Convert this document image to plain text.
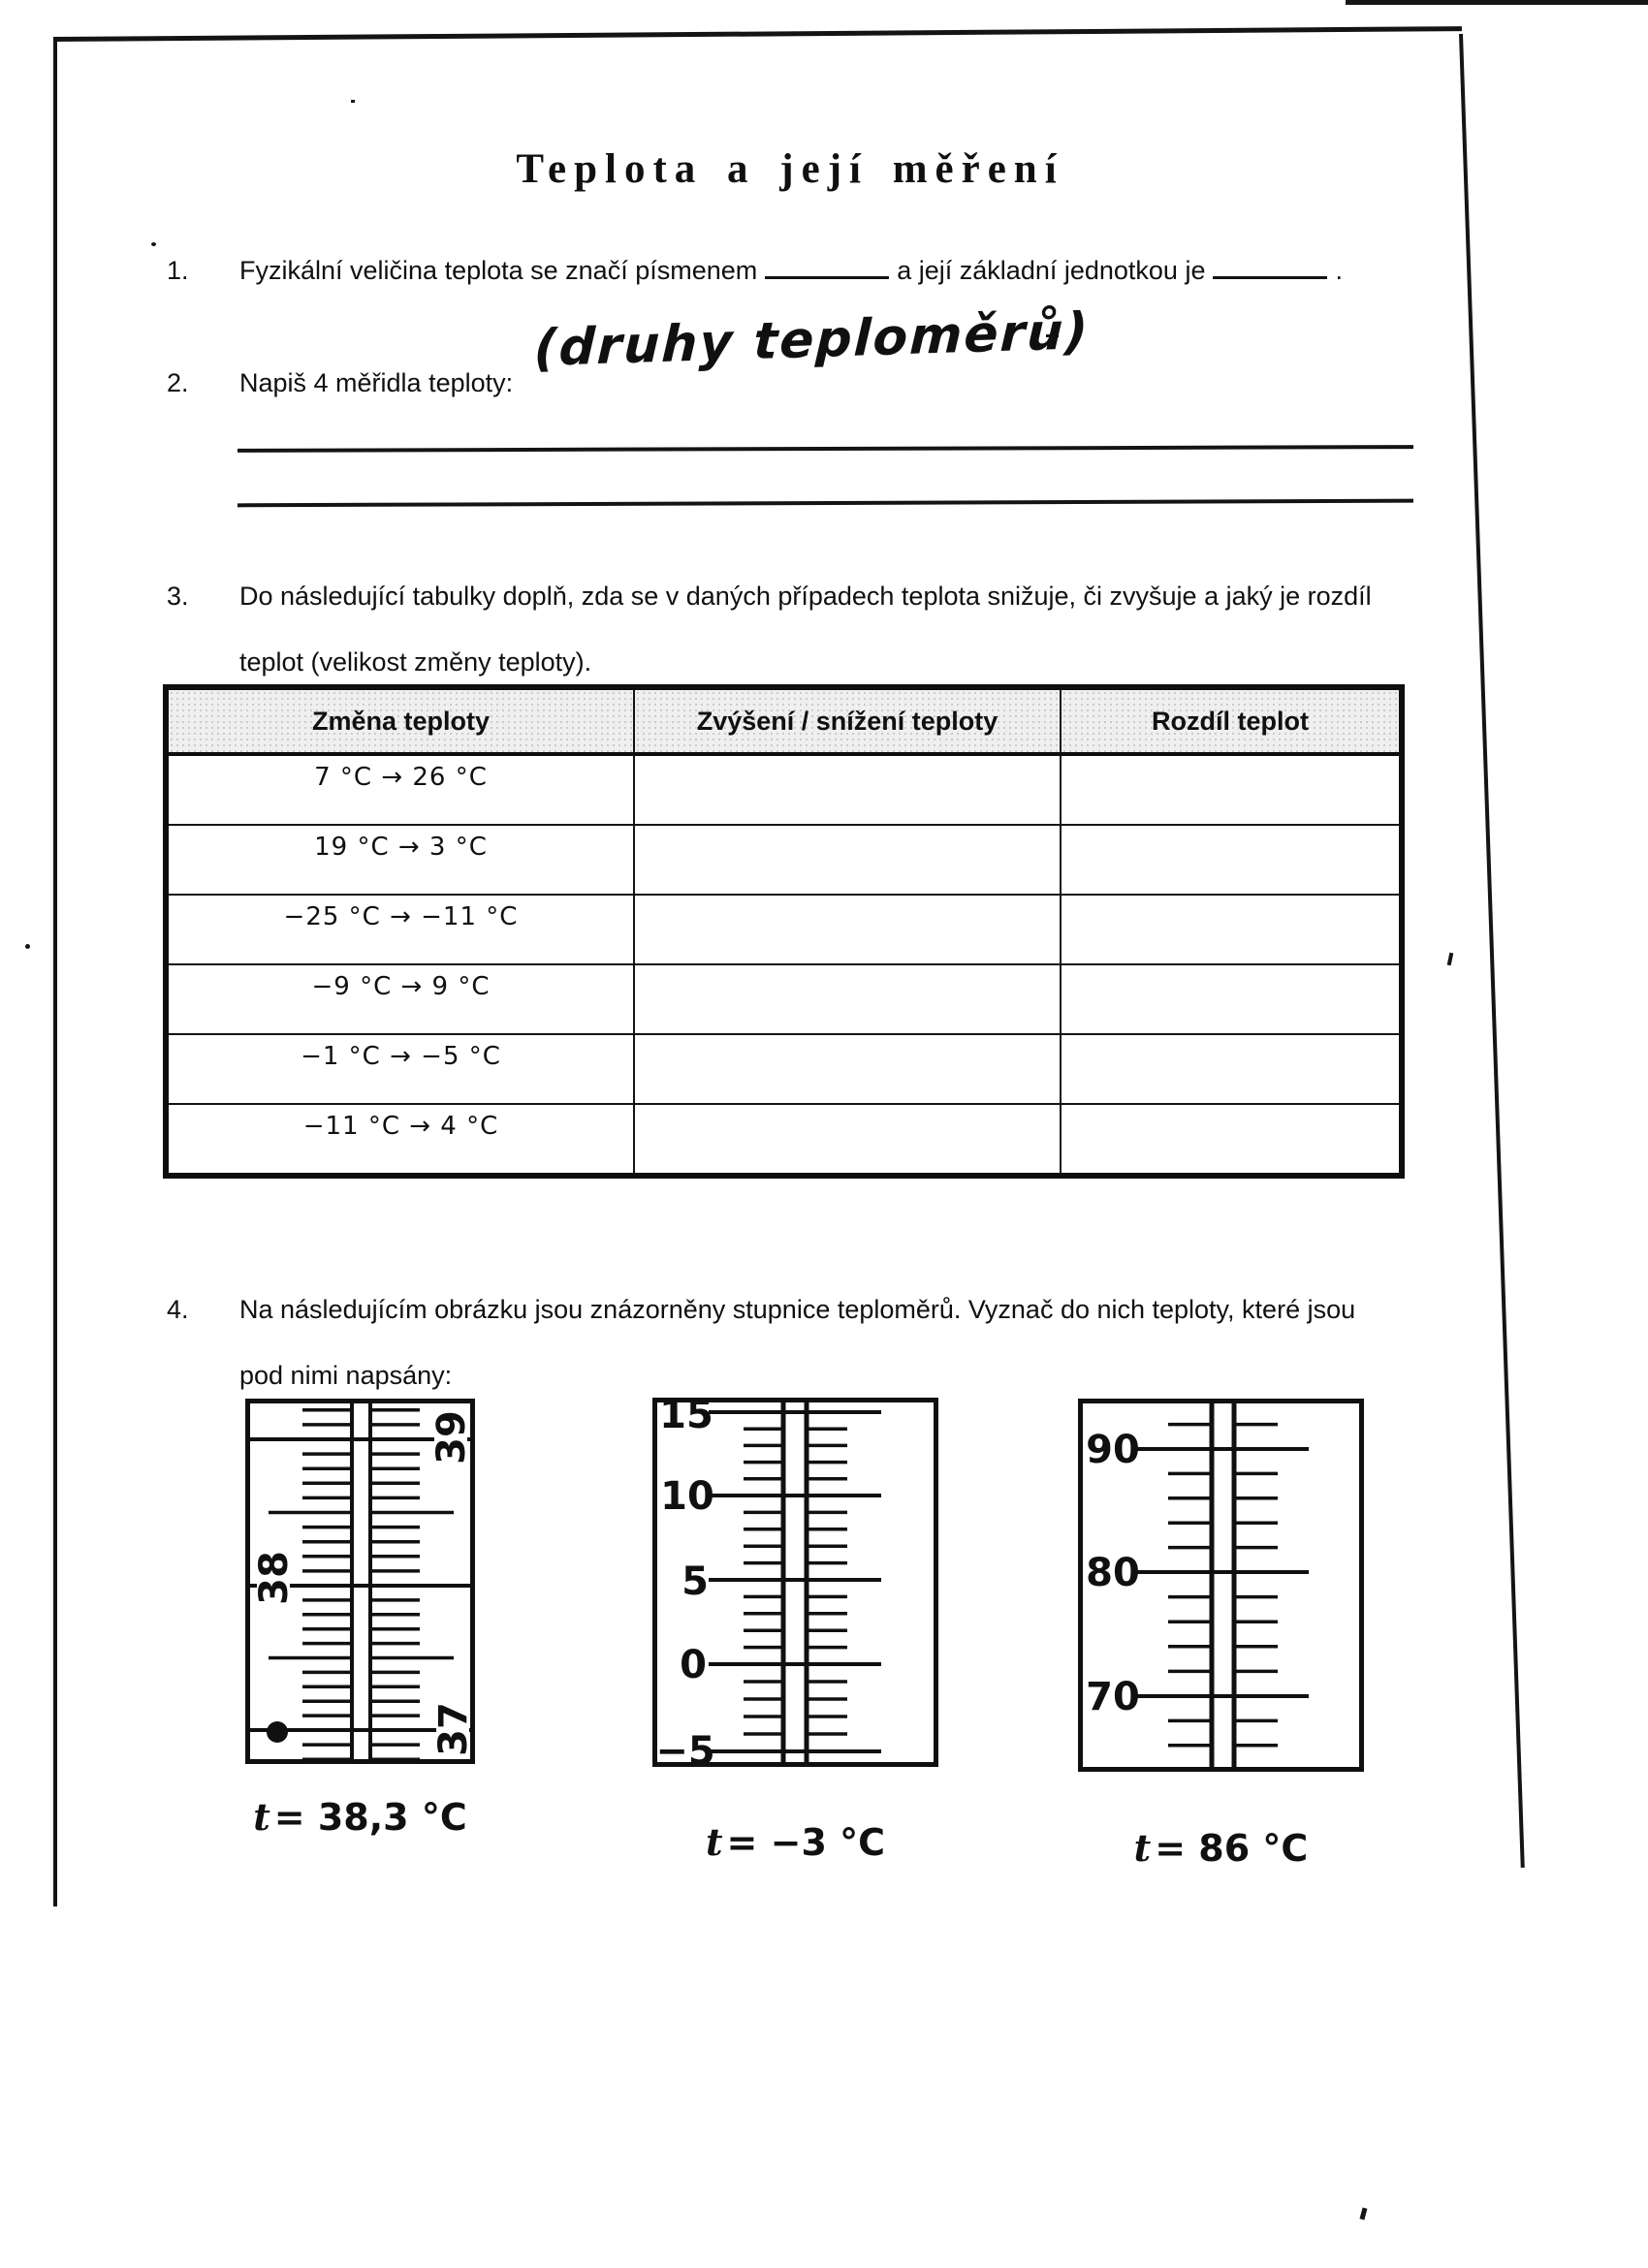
Teplota a její měření
1. Fyzikální veličina teplota se značí písmenem	a její základní jednotkou je	.
2. Napiš 4 měřidla teploty:
(druhy teploměrů)
3. Do následující tabulky doplň, zda se v daných případech teplota snižuje, či zvyšuje a jaký je rozdíl
teplot (velikost změny teploty).
Změna teploty	Zvýšení / snížení teploty	Rozdíl teplot
7 °C → 26 °C		
19 °C → 3 °C		
−25 °C → −11 °C		
−9 °C → 9 °C		
−1 °C → −5 °C		
−11 °C → 4 °C		
4. Na následujícím obrázku jsou znázorněny stupnice teploměrů. Vyznač do nich teploty, které jsou
pod nimi napsány:
39
38
37
15
10
5
0
−5
90
80
70
t = 38,3 °C
t = −3 °C	t = 86 °C
